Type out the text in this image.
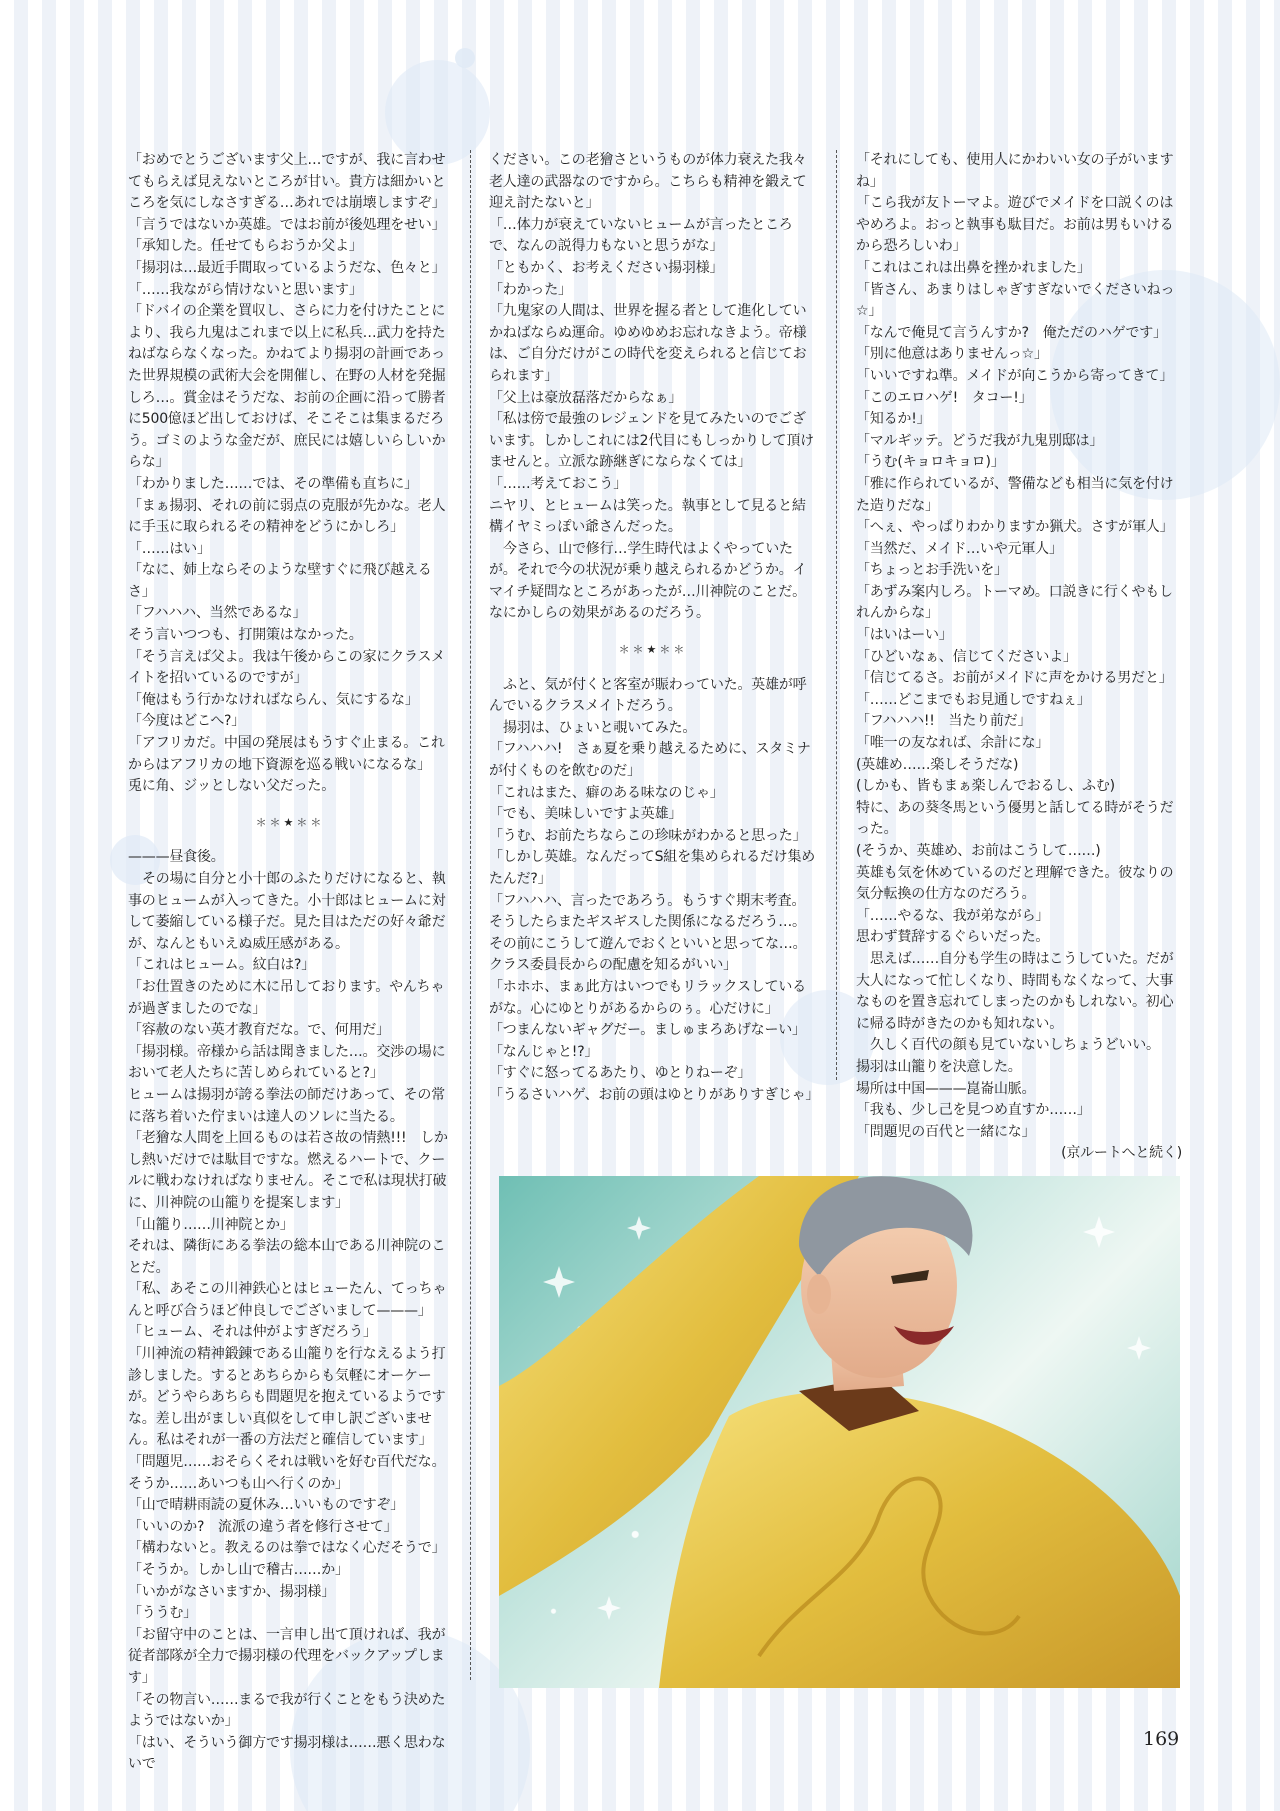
「おめでとうございます父上…ですが、我に言わせてもらえば見えないところが甘い。貴方は細かいところを気にしなさすぎる…あれでは崩壊しますぞ」

「言うではないか英雄。ではお前が後処理をせい」

「承知した。任せてもらおうか父よ」

「揚羽は…最近手間取っているようだな、色々と」

「……我ながら情けないと思います」

「ドバイの企業を買収し、さらに力を付けたことにより、我ら九鬼はこれまで以上に私兵…武力を持たねばならなくなった。かねてより揚羽の計画であった世界規模の武術大会を開催し、在野の人材を発掘しろ…。賞金はそうだな、お前の企画に沿って勝者に500億ほど出しておけば、そこそこは集まるだろう。ゴミのような金だが、庶民には嬉しいらしいからな」

「わかりました……では、その準備も直ちに」

「まぁ揚羽、それの前に弱点の克服が先かな。老人に手玉に取られるその精神をどうにかしろ」

「……はい」

「なに、姉上ならそのような壁すぐに飛び越えるさ」

「フハハハ、当然であるな」

そう言いつつも、打開策はなかった。

「そう言えば父よ。我は午後からこの家にクラスメイトを招いているのですが」

「俺はもう行かなければならん、気にするな」

「今度はどこへ?」

「アフリカだ。中国の発展はもうすぐ止まる。これからはアフリカの地下資源を巡る戦いになるな」

兎に角、ジッとしない父だった。

＊＊★＊＊

———昼食後。

その場に自分と小十郎のふたりだけになると、執事のヒュームが入ってきた。小十郎はヒュームに対して萎縮している様子だ。見た目はただの好々爺だが、なんともいえぬ威圧感がある。

「これはヒューム。紋白は?」

「お仕置きのために木に吊しております。やんちゃが過ぎましたのでな」

「容赦のない英才教育だな。で、何用だ」

「揚羽様。帝様から話は聞きました…。交渉の場において老人たちに苦しめられていると?」

ヒュームは揚羽が誇る拳法の師だけあって、その常に落ち着いた佇まいは達人のソレに当たる。

「老獪な人間を上回るものは若さ故の情熱!!!　しかし熱いだけでは駄目ですな。燃えるハートで、クールに戦わなければなりません。そこで私は現状打破に、川神院の山籠りを提案します」

「山籠り……川神院とか」

それは、隣街にある拳法の総本山である川神院のことだ。

「私、あそこの川神鉄心とはヒューたん、てっちゃんと呼び合うほど仲良しでございまして———」

「ヒューム、それは仲がよすぎだろう」

「川神流の精神鍛錬である山籠りを行なえるよう打診しました。するとあちらからも気軽にオーケーが。どうやらあちらも問題児を抱えているようですな。差し出がましい真似をして申し訳ございません。私はそれが一番の方法だと確信しています」

「問題児……おそらくそれは戦いを好む百代だな。そうか……あいつも山へ行くのか」

「山で晴耕雨読の夏休み…いいものですぞ」

「いいのか?　流派の違う者を修行させて」

「構わないと。教えるのは拳ではなく心だそうで」

「そうか。しかし山で稽古……か」

「いかがなさいますか、揚羽様」

「ううむ」

「お留守中のことは、一言申し出て頂ければ、我が従者部隊が全力で揚羽様の代理をバックアップします」

「その物言い……まるで我が行くことをもう決めたようではないか」

「はい、そういう御方です揚羽様は……悪く思わないで

ください。この老獪さというものが体力衰えた我々老人達の武器なのですから。こちらも精神を鍛えて迎え討たないと」

「…体力が衰えていないヒュームが言ったところで、なんの説得力もないと思うがな」

「ともかく、お考えください揚羽様」

「わかった」

「九鬼家の人間は、世界を握る者として進化していかねばならぬ運命。ゆめゆめお忘れなきよう。帝様は、ご自分だけがこの時代を変えられると信じておられます」

「父上は豪放磊落だからなぁ」

「私は傍で最強のレジェンドを見てみたいのでございます。しかしこれには2代目にもしっかりして頂けませんと。立派な跡継ぎにならなくては」

「……考えておこう」

ニヤリ、とヒュームは笑った。執事として見ると結構イヤミっぽい爺さんだった。

今さら、山で修行…学生時代はよくやっていたが。それで今の状況が乗り越えられるかどうか。イマイチ疑問なところがあったが…川神院のことだ。なにかしらの効果があるのだろう。

＊＊★＊＊

ふと、気が付くと客室が賑わっていた。英雄が呼んでいるクラスメイトだろう。

揚羽は、ひょいと覗いてみた。

「フハハハ!　さぁ夏を乗り越えるために、スタミナが付くものを飲むのだ」

「これはまた、癖のある味なのじゃ」

「でも、美味しいですよ英雄」

「うむ、お前たちならこの珍味がわかると思った」

「しかし英雄。なんだってS組を集められるだけ集めたんだ?」

「フハハハ、言ったであろう。もうすぐ期末考査。そうしたらまたギスギスした関係になるだろう…。その前にこうして遊んでおくといいと思ってな…。クラス委員長からの配慮を知るがいい」

「ホホホ、まぁ此方はいつでもリラックスしているがな。心にゆとりがあるからのぅ。心だけに」

「つまんないギャグだー。ましゅまろあげなーい」

「なんじゃと!?」

「すぐに怒ってるあたり、ゆとりねーぞ」

「うるさいハゲ、お前の頭はゆとりがありすぎじゃ」

「それにしても、使用人にかわいい女の子がいますね」

「こら我が友トーマよ。遊びでメイドを口説くのはやめろよ。おっと執事も駄目だ。お前は男もいけるから恐ろしいわ」

「これはこれは出鼻を挫かれました」

「皆さん、あまりはしゃぎすぎないでくださいねっ☆」

「なんで俺見て言うんすか?　俺ただのハゲです」

「別に他意はありませんっ☆」

「いいですね準。メイドが向こうから寄ってきて」

「このエロハゲ!　タコー!」

「知るか!」

「マルギッテ。どうだ我が九鬼別邸は」

「うむ(キョロキョロ)」

「雅に作られているが、警備なども相当に気を付けた造りだな」

「へぇ、やっぱりわかりますか猟犬。さすが軍人」

「当然だ、メイド…いや元軍人」

「ちょっとお手洗いを」

「あずみ案内しろ。トーマめ。口説きに行くやもしれんからな」

「はいはーい」

「ひどいなぁ、信じてくださいよ」

「信じてるさ。お前がメイドに声をかける男だと」

「……どこまでもお見通しですねぇ」

「フハハハ!!　当たり前だ」

「唯一の友なれば、余計にな」

(英雄め……楽しそうだな)

(しかも、皆もまぁ楽しんでおるし、ふむ)

特に、あの葵冬馬という優男と話してる時がそうだった。

(そうか、英雄め、お前はこうして……)

英雄も気を休めているのだと理解できた。彼なりの気分転換の仕方なのだろう。

「……やるな、我が弟ながら」

思わず賛辞するぐらいだった。

思えば……自分も学生の時はこうしていた。だが大人になって忙しくなり、時間もなくなって、大事なものを置き忘れてしまったのかもしれない。初心に帰る時がきたのかも知れない。

久しく百代の顔も見ていないしちょうどいい。

揚羽は山籠りを決意した。

場所は中国———崑崙山脈。

「我も、少し己を見つめ直すか……」

「問題児の百代と一緒にな」

(京ルートへと続く)

169
